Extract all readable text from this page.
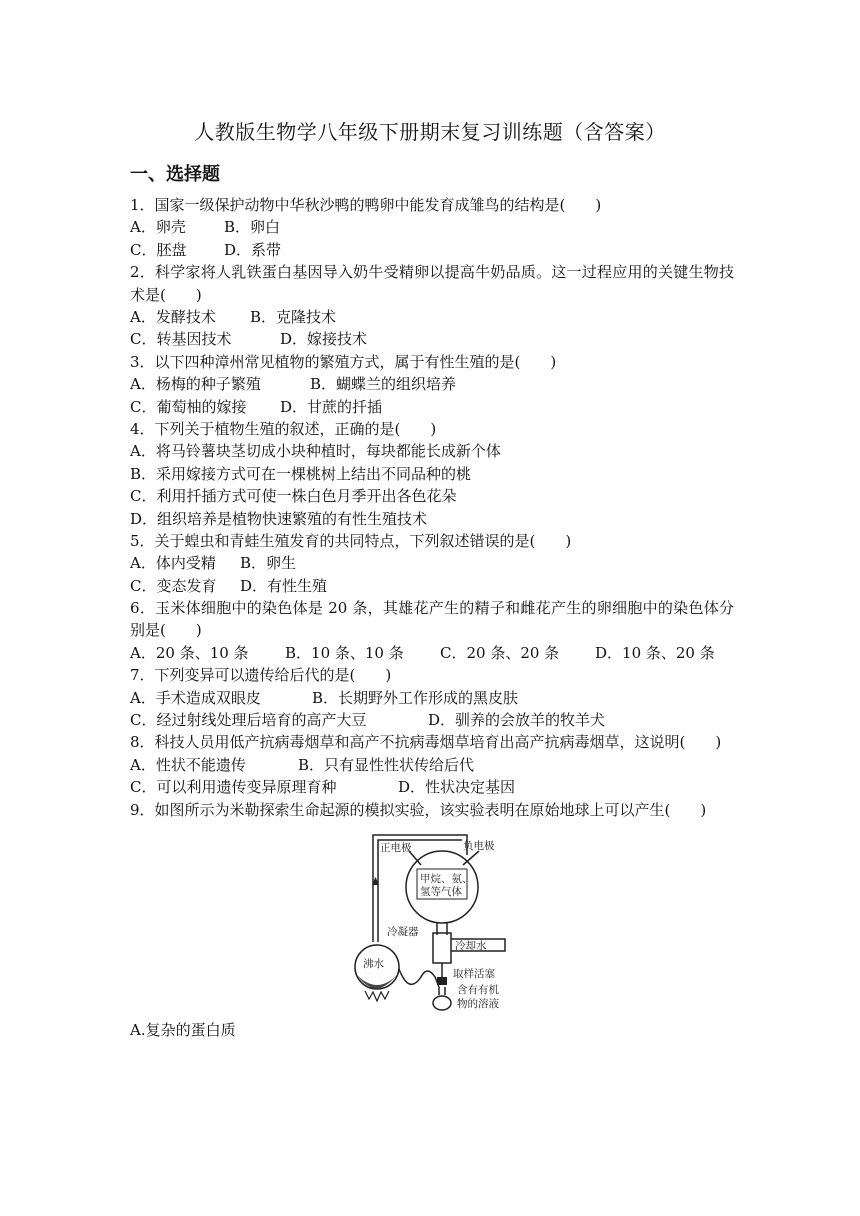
人教版生物学八年级下册期末复习训练题（含答案）
一、选择题
1．国家一级保护动物中华秋沙鸭的鸭卵中能发育成雏鸟的结构是(　　)
A．卵壳	B．卵白
C．胚盘	D．系带
2．科学家将人乳铁蛋白基因导入奶牛受精卵以提高牛奶品质。这一过程应用的关键生物技术是(　　)
A．发酵技术 B．克隆技术
C．转基因技术	D．嫁接技术
3．以下四种漳州常见植物的繁殖方式，属于有性生殖的是(　　)
A．杨梅的种子繁殖	B．蝴蝶兰的组织培养
C．葡萄柚的嫁接 D．甘蔗的扦插
4．下列关于植物生殖的叙述，正确的是(　　)
A．将马铃薯块茎切成小块种植时，每块都能长成新个体
B．采用嫁接方式可在一棵桃树上结出不同品种的桃
C．利用扦插方式可使一株白色月季开出各色花朵
D．组织培养是植物快速繁殖的有性生殖技术
5．关于蝗虫和青蛙生殖发育的共同特点，下列叙述错误的是(　　)
A．体内受精 B．卵生
C．变态发育 D．有性生殖
6．玉米体细胞中的染色体是 20 条，其雄花产生的精子和雌花产生的卵细胞中的染色体分别是(　　)
A．20 条、10 条 B．10 条、10 条 C．20 条、20 条 D．10 条、20 条
7．下列变异可以遗传给后代的是(　　)
A．手术造成双眼皮	B．长期野外工作形成的黑皮肤
C．经过射线处理后培育的高产大豆	D．驯养的会放羊的牧羊犬
8．科技人员用低产抗病毒烟草和高产不抗病毒烟草培育出高产抗病毒烟草，这说明(　　)
A．性状不能遗传	B．只有显性性状传给后代
C．可以利用遗传变异原理育种	D．性状决定基因
9．如图所示为米勒探索生命起源的模拟实验，该实验表明在原始地球上可以产生(　　)
正电极	负电极
甲烷、氨、
氢等气体
冷凝器
冷却水
沸水
取样活塞
含有有机
物的溶液
A.复杂的蛋白质
